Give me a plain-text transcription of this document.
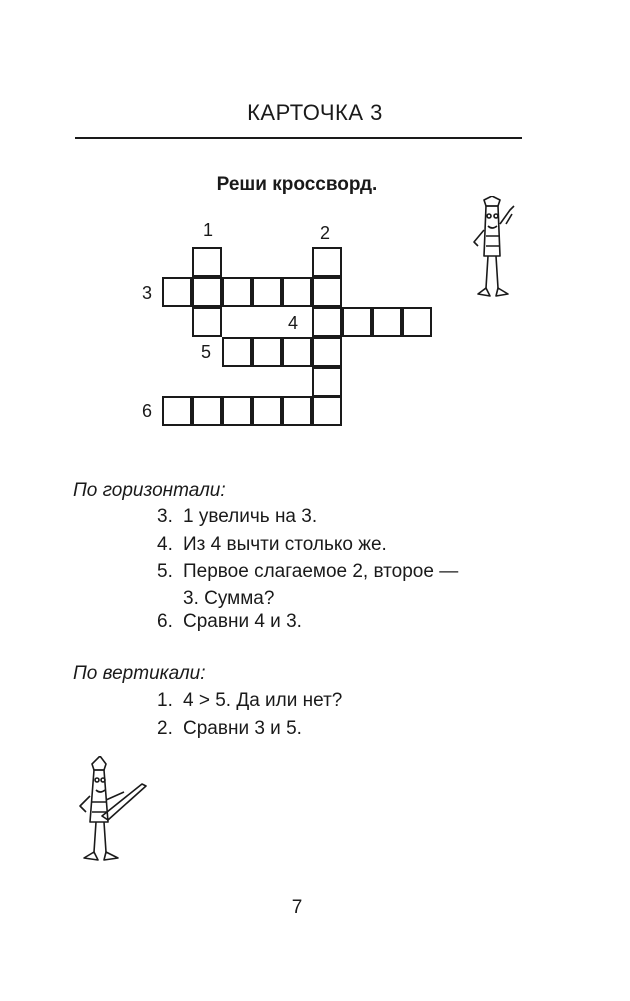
КАРТОЧКА 3
Реши кроссворд.
1	2
3
4
5
6
По горизонтали:
3. 1 увеличь на 3.
4. Из 4 вычти столько же.
5. Первое слагаемое 2, второе —
3. Сумма?
6. Сравни 4 и 3.
По вертикали:
1. 4 > 5. Да или нет?
2. Сравни 3 и 5.
7
